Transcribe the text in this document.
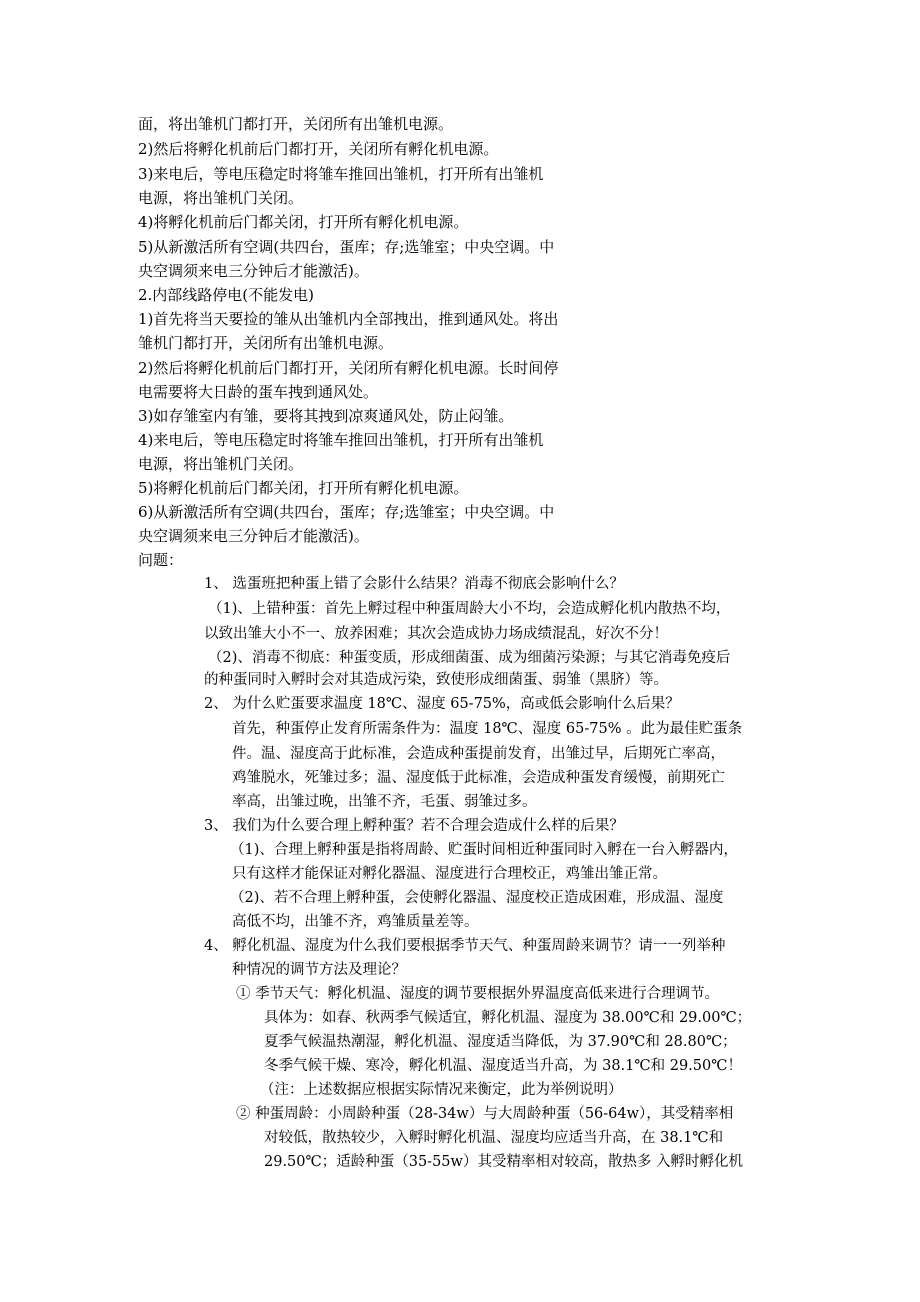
面，将出雏机门都打开，关闭所有出雏机电源。
2)然后将孵化机前后门都打开，关闭所有孵化机电源。
3)来电后，等电压稳定时将雏车推回出雏机，打开所有出雏机
电源，将出雏机门关闭。
4)将孵化机前后门都关闭，打开所有孵化机电源。
5)从新激活所有空调(共四台，蛋库；存;选雏室；中央空调。中
央空调须来电三分钟后才能激活)。
2.内部线路停电(不能发电)
1)首先将当天要捡的雏从出雏机内全部拽出，推到通风处。将出
雏机门都打开，关闭所有出雏机电源。
2)然后将孵化机前后门都打开，关闭所有孵化机电源。长时间停
电需要将大日龄的蛋车拽到通风处。
3)如存雏室内有雏，要将其拽到凉爽通风处，防止闷雏。
4)来电后，等电压稳定时将雏车推回出雏机，打开所有出雏机
电源，将出雏机门关闭。
5)将孵化机前后门都关闭，打开所有孵化机电源。
6)从新激活所有空调(共四台，蛋库；存;选雏室；中央空调。中
央空调须来电三分钟后才能激活)。
问题：
1、 选蛋班把种蛋上错了会影什么结果？消毒不彻底会影响什么？
（1)、上错种蛋：首先上孵过程中种蛋周龄大小不均，会造成孵化机内散热不均，
以致出雏大小不一、放养困难；其次会造成协力场成绩混乱，好次不分！
（2)、消毒不彻底：种蛋变质，形成细菌蛋、成为细菌污染源；与其它消毒免疫后
的种蛋同时入孵时会对其造成污染，致使形成细菌蛋、弱雏（黑脐）等。
2、 为什么贮蛋要求温度 18℃、湿度 65-75%，高或低会影响什么后果？
首先，种蛋停止发育所需条件为：温度 18℃、湿度 65-75% 。此为最佳贮蛋条
件。温、湿度高于此标准，会造成种蛋提前发育，出雏过早，后期死亡率高，
鸡雏脱水，死雏过多；温、湿度低于此标准，会造成种蛋发育缓慢，前期死亡
率高，出雏过晚，出雏不齐，毛蛋、弱雏过多。
3、 我们为什么要合理上孵种蛋？若不合理会造成什么样的后果？
（1)、合理上孵种蛋是指将周龄、贮蛋时间相近种蛋同时入孵在一台入孵器内，
只有这样才能保证对孵化器温、湿度进行合理校正，鸡雏出雏正常。
（2)、若不合理上孵种蛋，会使孵化器温、湿度校正造成困难，形成温、湿度
高低不均，出雏不齐，鸡雏质量差等。
4、 孵化机温、湿度为什么我们要根据季节天气、种蛋周龄来调节？请一一列举种
种情况的调节方法及理论？
① 季节天气：孵化机温、湿度的调节要根据外界温度高低来进行合理调节。
具体为：如春、秋两季气候适宜，孵化机温、湿度为 38.00℃和 29.00℃；
夏季气候温热潮湿，孵化机温、湿度适当降低，为 37.90℃和 28.80℃；
冬季气候干燥、寒冷，孵化机温、湿度适当升高，为 38.1℃和 29.50℃！
（注：上述数据应根据实际情况来衡定，此为举例说明）
② 种蛋周龄：小周龄种蛋（28-34w）与大周龄种蛋（56-64w），其受精率相
对较低，散热较少，入孵时孵化机温、湿度均应适当升高，在 38.1℃和
29.50℃；适龄种蛋（35-55w）其受精率相对较高，散热多 入孵时孵化机
